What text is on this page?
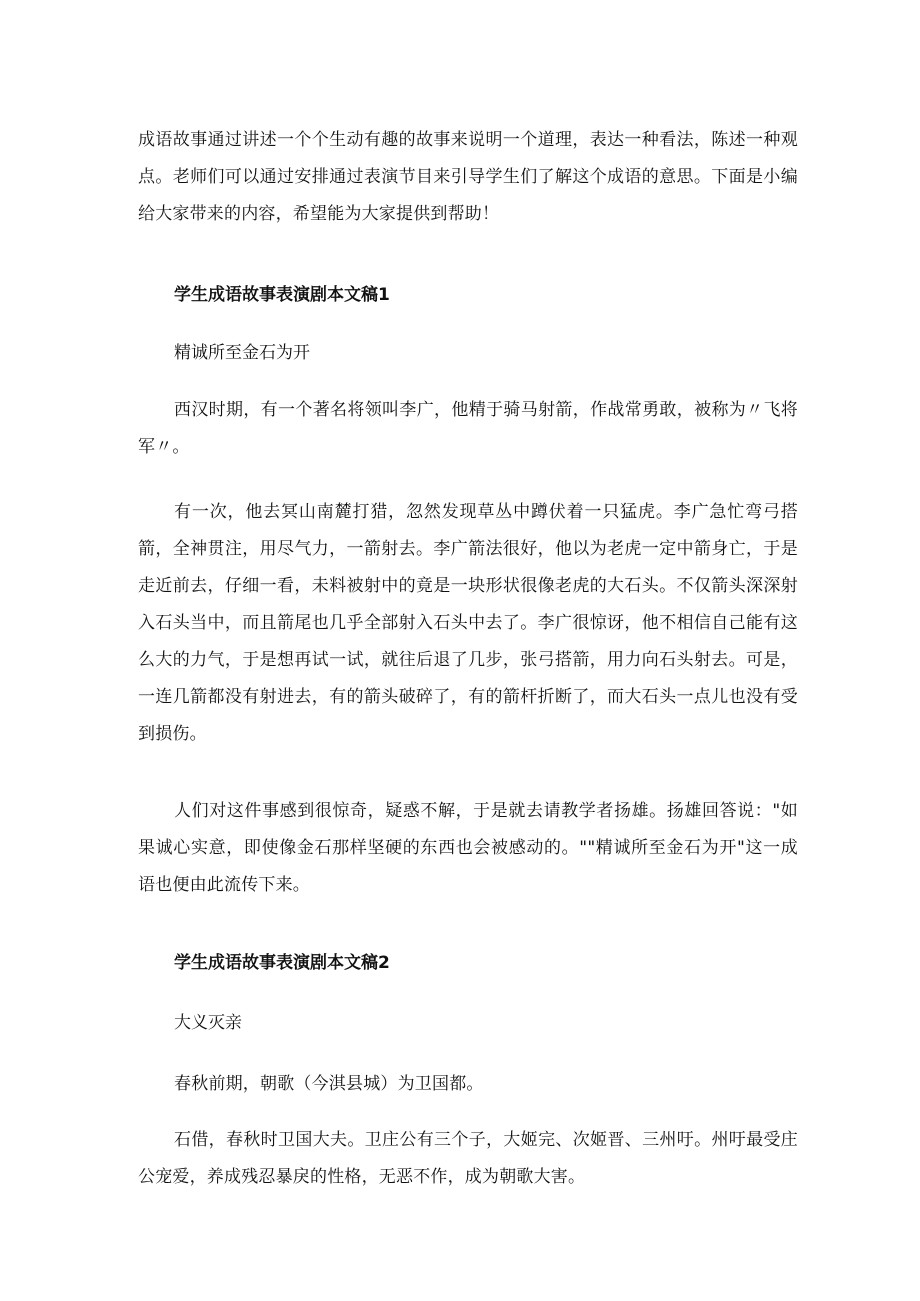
成语故事通过讲述一个个生动有趣的故事来说明一个道理，表达一种看法，陈述一种观点。老师们可以通过安排通过表演节目来引导学生们了解这个成语的意思。下面是小编给大家带来的内容，希望能为大家提供到帮助！

学生成语故事表演剧本文稿1

精诚所至金石为开

西汉时期，有一个著名将领叫李广，他精于骑马射箭，作战常勇敢，被称为〃飞将军〃。

有一次，他去冥山南麓打猎，忽然发现草丛中蹲伏着一只猛虎。李广急忙弯弓搭箭，全神贯注，用尽气力，一箭射去。李广箭法很好，他以为老虎一定中箭身亡，于是走近前去，仔细一看，未料被射中的竟是一块形状很像老虎的大石头。不仅箭头深深射入石头当中，而且箭尾也几乎全部射入石头中去了。李广很惊讶，他不相信自己能有这么大的力气，于是想再试一试，就往后退了几步，张弓搭箭，用力向石头射去。可是，一连几箭都没有射进去，有的箭头破碎了，有的箭杆折断了，而大石头一点儿也没有受到损伤。

人们对这件事感到很惊奇，疑惑不解，于是就去请教学者扬雄。扬雄回答说："如果诚心实意，即使像金石那样坚硬的东西也会被感动的。""精诚所至金石为开"这一成语也便由此流传下来。

学生成语故事表演剧本文稿2

大义灭亲

春秋前期，朝歌（今淇县城）为卫国都。

石借，春秋时卫国大夫。卫庄公有三个子，大姬完、次姬晋、三州吁。州吁最受庄公宠爱，养成残忍暴戾的性格，无恶不作，成为朝歌大害。
